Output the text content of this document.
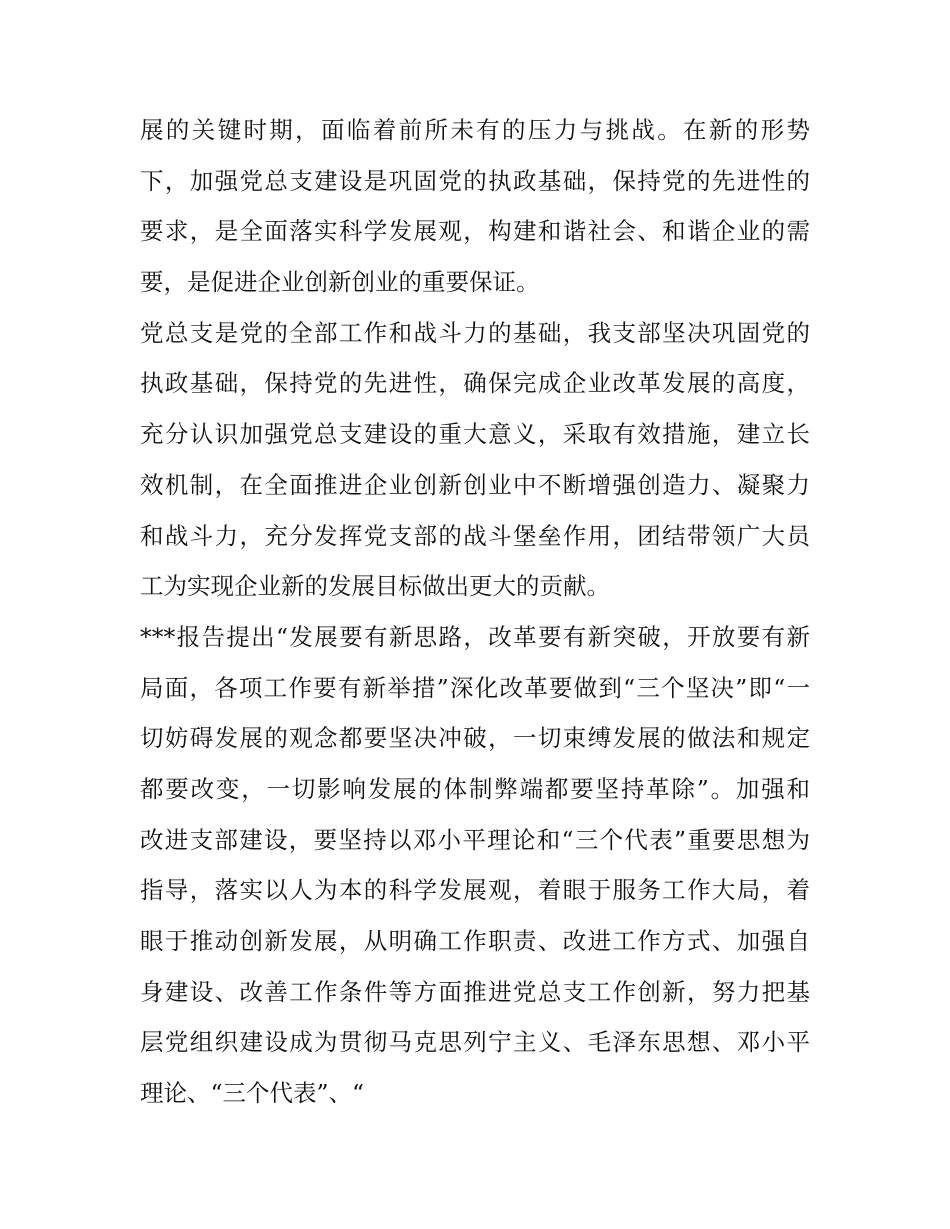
展的关键时期，面临着前所未有的压力与挑战。在新的形势
下，加强党总支建设是巩固党的执政基础，保持党的先进性的
要求，是全面落实科学发展观，构建和谐社会、和谐企业的需
要，是促进企业创新创业的重要保证。
党总支是党的全部工作和战斗力的基础，我支部坚决巩固党的
执政基础，保持党的先进性，确保完成企业改革发展的高度，
充分认识加强党总支建设的重大意义，采取有效措施，建立长
效机制，在全面推进企业创新创业中不断增强创造力、凝聚力
和战斗力，充分发挥党支部的战斗堡垒作用，团结带领广大员
工为实现企业新的发展目标做出更大的贡献。
***报告提出“发展要有新思路，改革要有新突破，开放要有新
局面，各项工作要有新举措”深化改革要做到“三个坚决”即“一
切妨碍发展的观念都要坚决冲破，一切束缚发展的做法和规定
都要改变，一切影响发展的体制弊端都要坚持革除”。加强和
改进支部建设，要坚持以邓小平理论和“三个代表”重要思想为
指导，落实以人为本的科学发展观，着眼于服务工作大局，着
眼于推动创新发展，从明确工作职责、改进工作方式、加强自
身建设、改善工作条件等方面推进党总支工作创新，努力把基
层党组织建设成为贯彻马克思列宁主义、毛泽东思想、邓小平
理论、“三个代表”、“
